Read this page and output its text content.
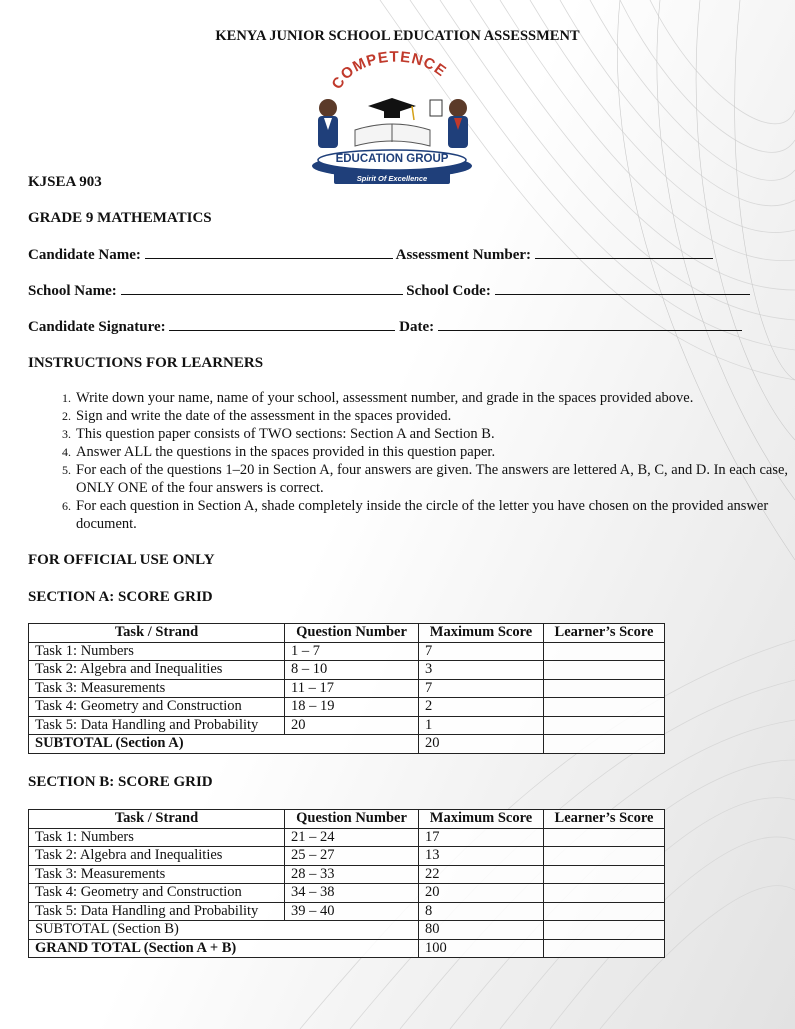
KENYA JUNIOR SCHOOL EDUCATION ASSESSMENT
COMPETENCE
EDUCATION GROUP
Spirit Of Excellence
KJSEA 903
GRADE 9 MATHEMATICS
Candidate Name:	Assessment Number:
School Name:	School Code:
Candidate Signature:	Date:
INSTRUCTIONS FOR LEARNERS
1. Write down your name, name of your school, assessment number, and grade in the spaces provided above.
2. Sign and write the date of the assessment in the spaces provided.
3. This question paper consists of TWO sections: Section A and Section B.
4. Answer ALL the questions in the spaces provided in this question paper.
5. For each of the questions 1–20 in Section A, four answers are given. The answers are lettered A, B, C, and D. In each case, ONLY ONE of the four answers is correct.
6. For each question in Section A, shade completely inside the circle of the letter you have chosen on the provided answer document.
FOR OFFICIAL USE ONLY
SECTION A: SCORE GRID
Task / Strand	Question Number	Maximum Score	Learner’s Score
Task 1: Numbers	1 – 7	7	
Task 2: Algebra and Inequalities	8 – 10	3	
Task 3: Measurements	11 – 17	7	
Task 4: Geometry and Construction	18 – 19	2	
Task 5: Data Handling and Probability	20	1	
SUBTOTAL (Section A)		20	
SECTION B: SCORE GRID
Task / Strand	Question Number	Maximum Score	Learner’s Score
Task 1: Numbers	21 – 24	17	
Task 2: Algebra and Inequalities	25 – 27	13	
Task 3: Measurements	28 – 33	22	
Task 4: Geometry and Construction	34 – 38	20	
Task 5: Data Handling and Probability	39 – 40	8	
SUBTOTAL (Section B)		80	
GRAND TOTAL (Section A + B)		100	
